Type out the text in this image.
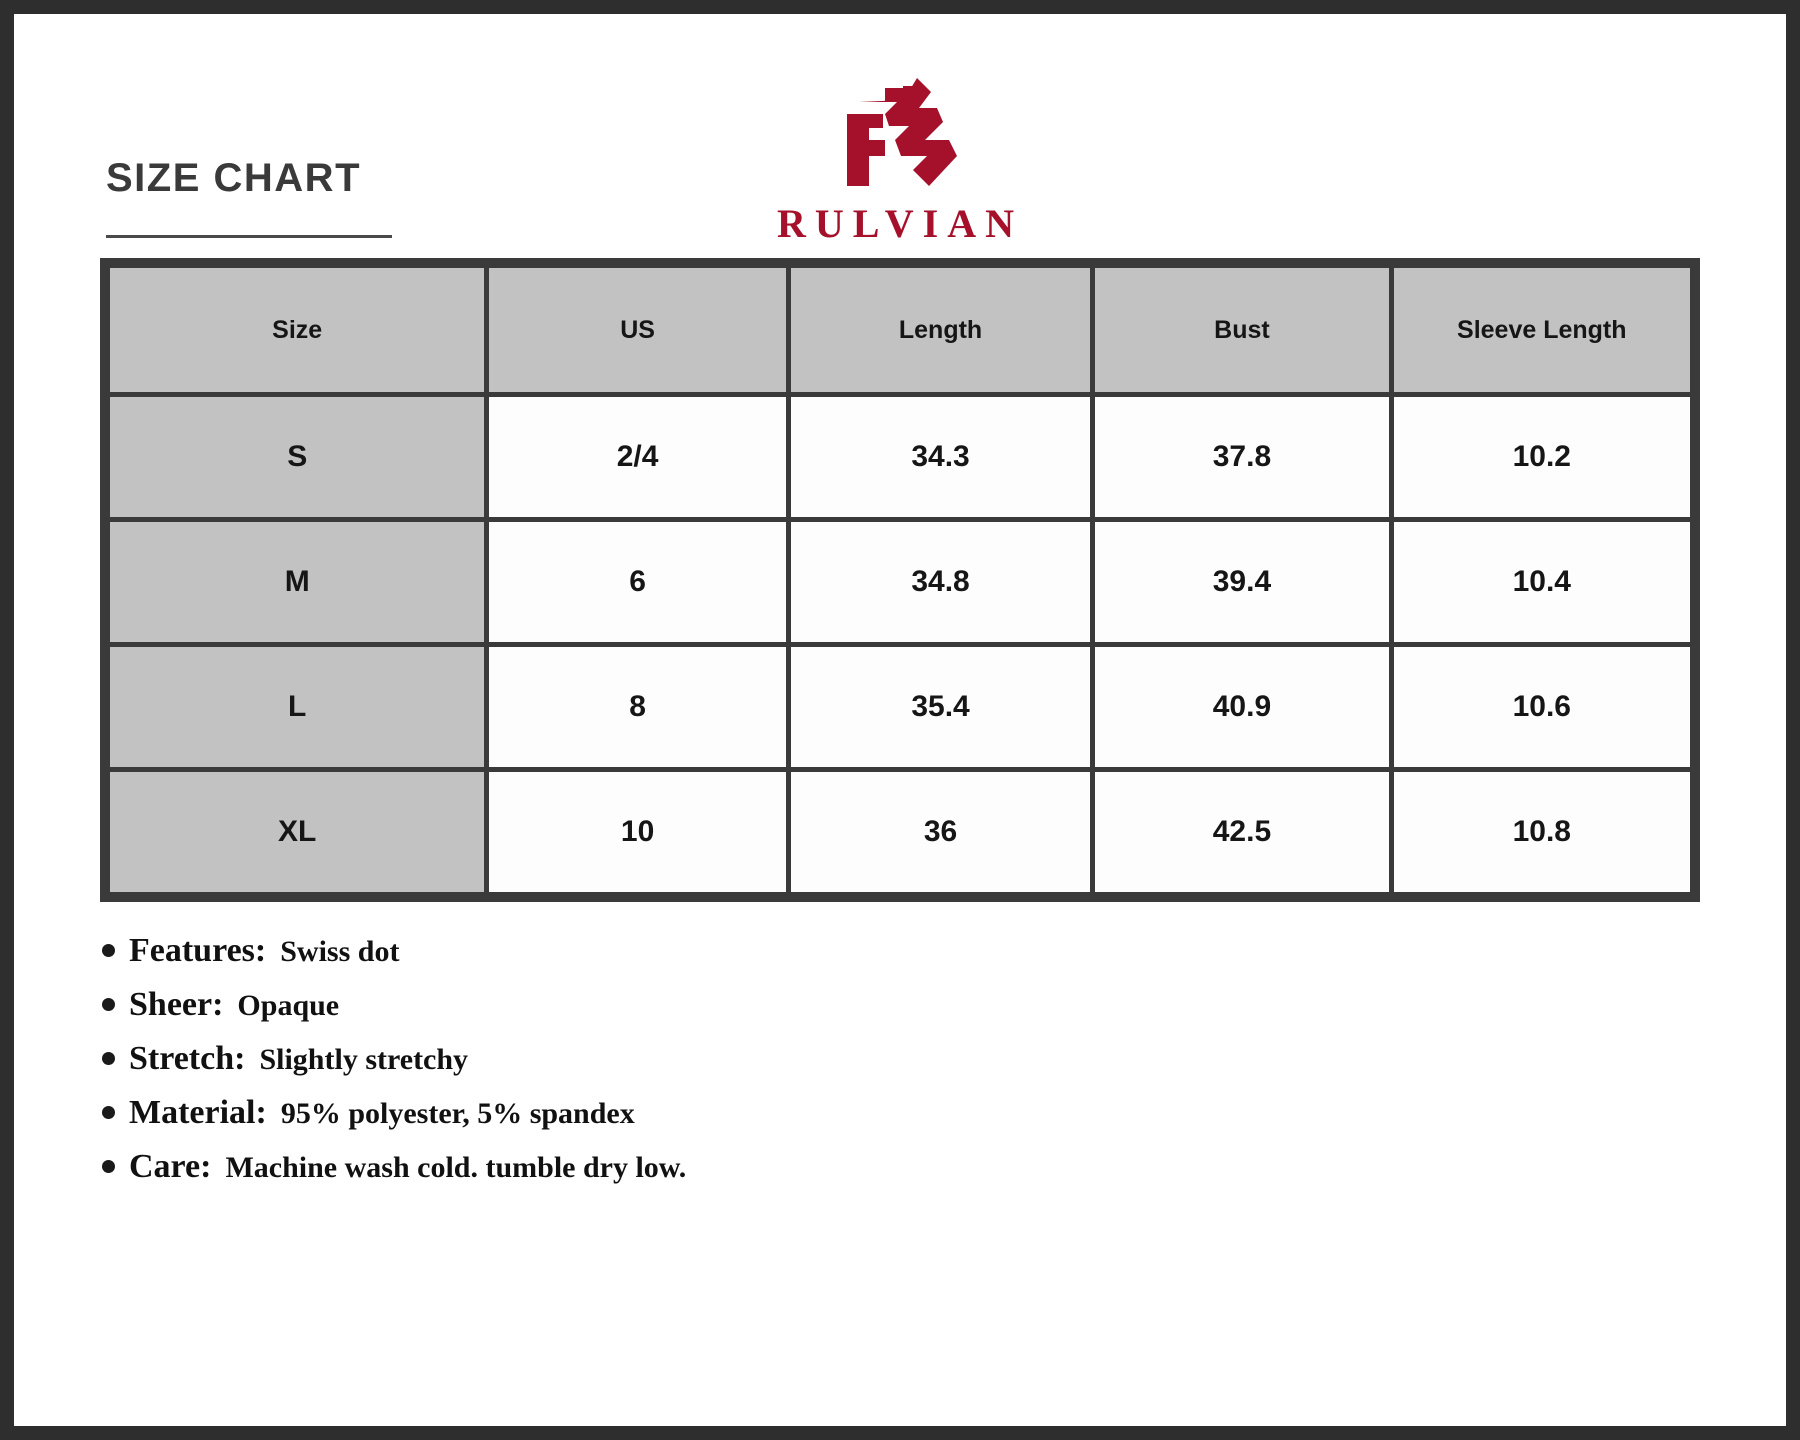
SIZE CHART
RULVIAN
Size	US	Length	Bust	Sleeve Length
S	2/4	34.3	37.8	10.2
M	6	34.8	39.4	10.4
L	8	35.4	40.9	10.6
XL	10	36	42.5	10.8
Features: Swiss dot
Sheer: Opaque
Stretch: Slightly stretchy
Material: 95% polyester, 5% spandex
Care: Machine wash cold. tumble dry low.
